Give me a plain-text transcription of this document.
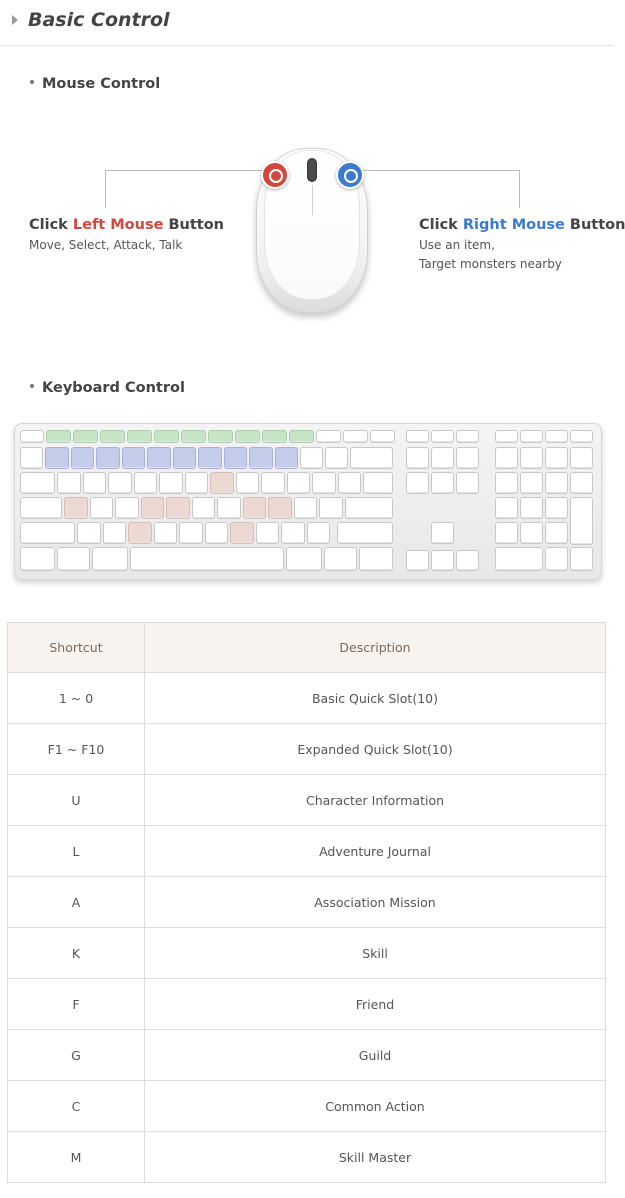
Basic Control
Mouse Control
Click Left Mouse Button
Move, Select, Attack, Talk
Click Right Mouse Button
Use an item,
Target monsters nearby
Keyboard Control
Shortcut	Description
1 ~ 0	Basic Quick Slot(10)
F1 ~ F10	Expanded Quick Slot(10)
U	Character Information
L	Adventure Journal
A	Association Mission
K	Skill
F	Friend
G	Guild
C	Common Action
M	Skill Master
